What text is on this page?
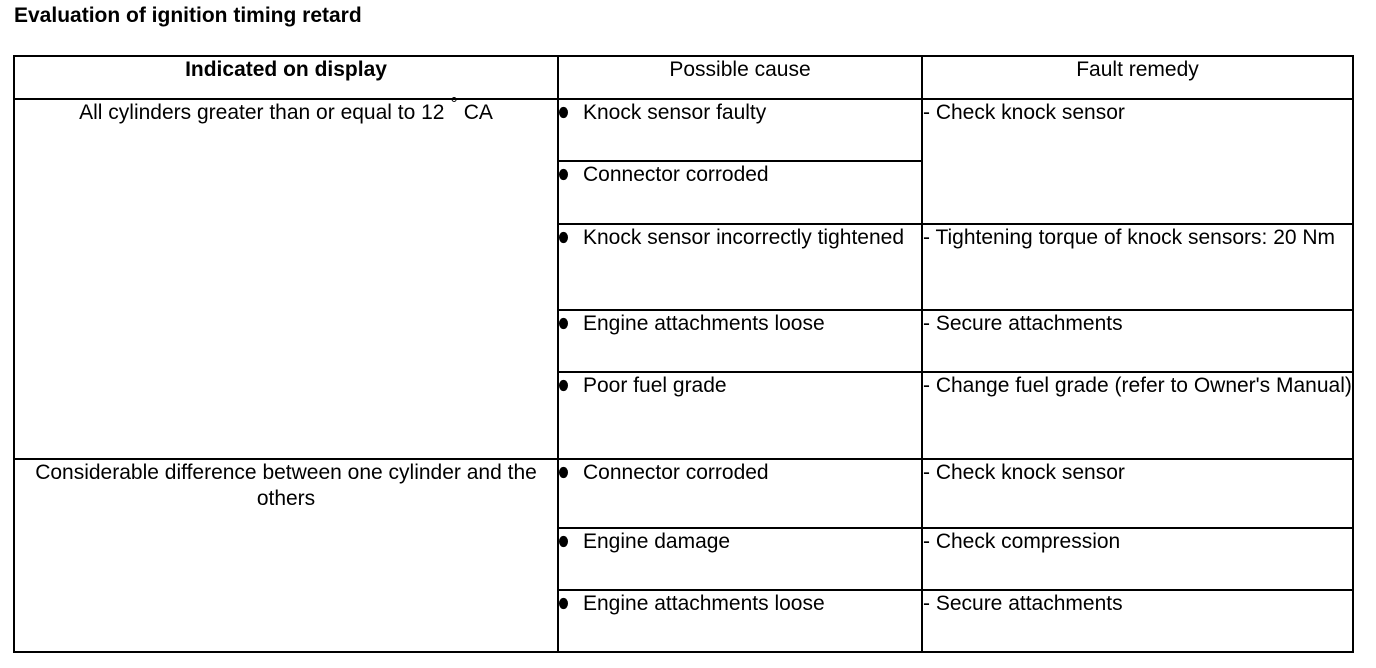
Evaluation of ignition timing retard
Indicated on display	Possible cause	Fault remedy
All cylinders greater than or equal to 12 ° CA	Knock sensor faulty	- Check knock sensor

	Connector corroded	

	Knock sensor incorrectly tightened	- Tightening torque of knock sensors: 20 Nm

	Engine attachments loose	- Secure attachments

	Poor fuel grade	- Change fuel grade (refer to Owner's Manual)
Considerable difference between one cylinder and the others	Connector corroded	- Check knock sensor

	Engine damage	- Check compression

	Engine attachments loose	- Secure attachments
